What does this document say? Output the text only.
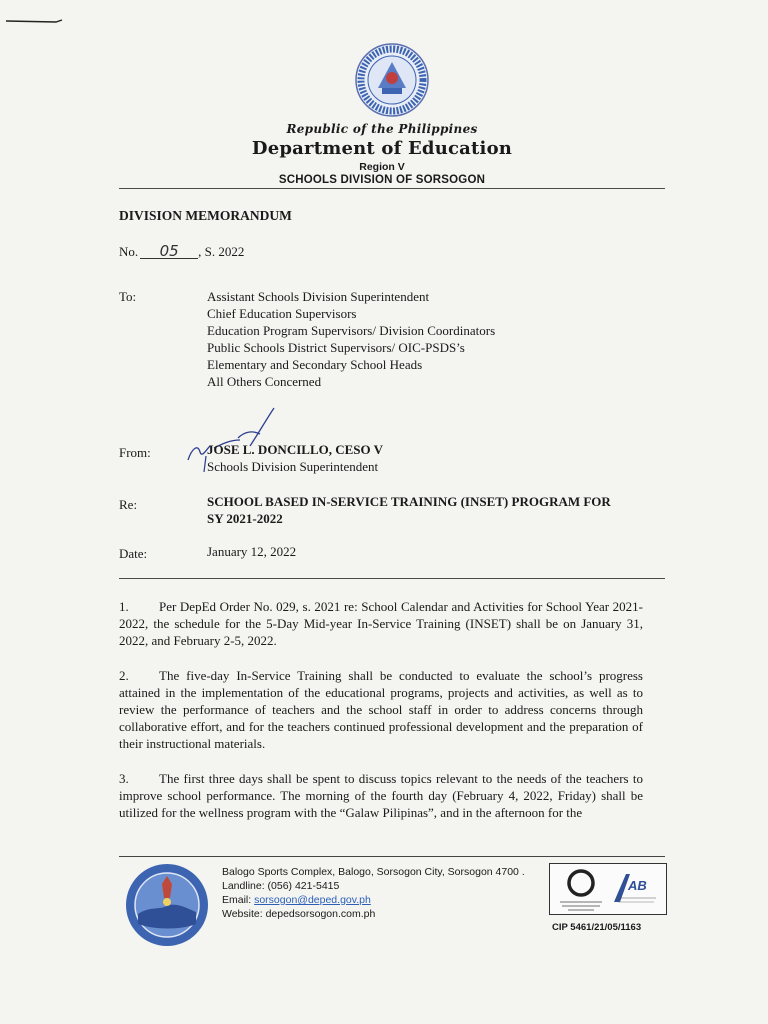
Republic of the Philippines
Department of Education
Region V
SCHOOLS DIVISION OF SORSOGON
DIVISION MEMORANDUM
No. 05 , S. 2022
To:	Assistant Schools Division Superintendent
Chief Education Supervisors
Education Program Supervisors/ Division Coordinators
Public Schools District Supervisors/ OIC-PSDS’s
Elementary and Secondary School Heads
All Others Concerned
From:	JOSE L. DONCILLO, CESO V
Schools Division Superintendent
Re:	SCHOOL BASED IN-SERVICE TRAINING (INSET) PROGRAM FOR
SY 2021-2022
Date:	January 12, 2022
1. Per DepEd Order No. 029, s. 2021 re: School Calendar and Activities for School Year 2021-2022, the schedule for the 5-Day Mid-year In-Service Training (INSET) shall be on January 31, 2022, and February 2-5, 2022.
2. The five-day In-Service Training shall be conducted to evaluate the school’s progress attained in the implementation of the educational programs, projects and activities, as well as to review the performance of teachers and the school staff in order to address concerns through collaborative effort, and for the teachers continued professional development and the preparation of their instructional materials.
3. The first three days shall be spent to discuss topics relevant to the needs of the teachers to improve school performance. The morning of the fourth day (February 4, 2022, Friday) shall be utilized for the wellness program with the “Galaw Pilipinas”, and in the afternoon for the
Balogo Sports Complex, Balogo, Sorsogon City, Sorsogon 4700 .
Landline: (056) 421-5415
Email: sorsogon@deped.gov.ph
Website: depedsorsogon.com.ph
AB
CIP 5461/21/05/1163
